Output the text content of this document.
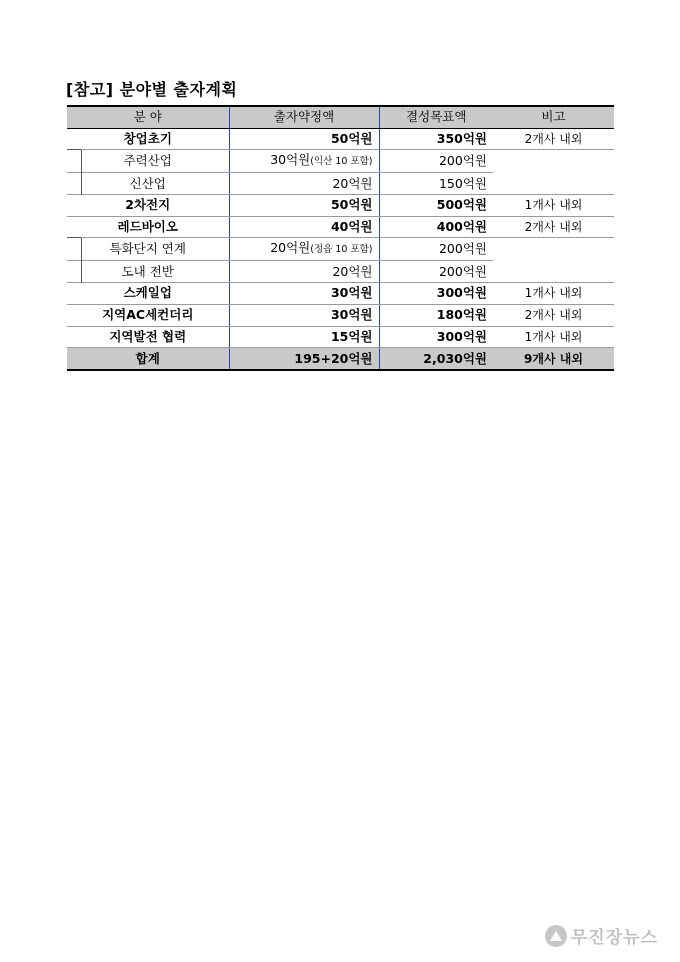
[참고] 분야별 출자계획
분 야	출자약정액	결성목표액	비고
창업초기	50억원	350억원	2개사 내외
주력산업	30억원(익산 10 포함)	200억원	
신산업	20억원	150억원	
2차전지	50억원	500억원	1개사 내외
레드바이오	40억원	400억원	2개사 내외
특화단지 연계	20억원(정읍 10 포함)	200억원	
도내 전반	20억원	200억원	
스케일업	30억원	300억원	1개사 내외
지역AC세컨더리	30억원	180억원	2개사 내외
지역발전 협력	15억원	300억원	1개사 내외
합계	195+20억원	2,030억원	9개사 내외
무진장뉴스
